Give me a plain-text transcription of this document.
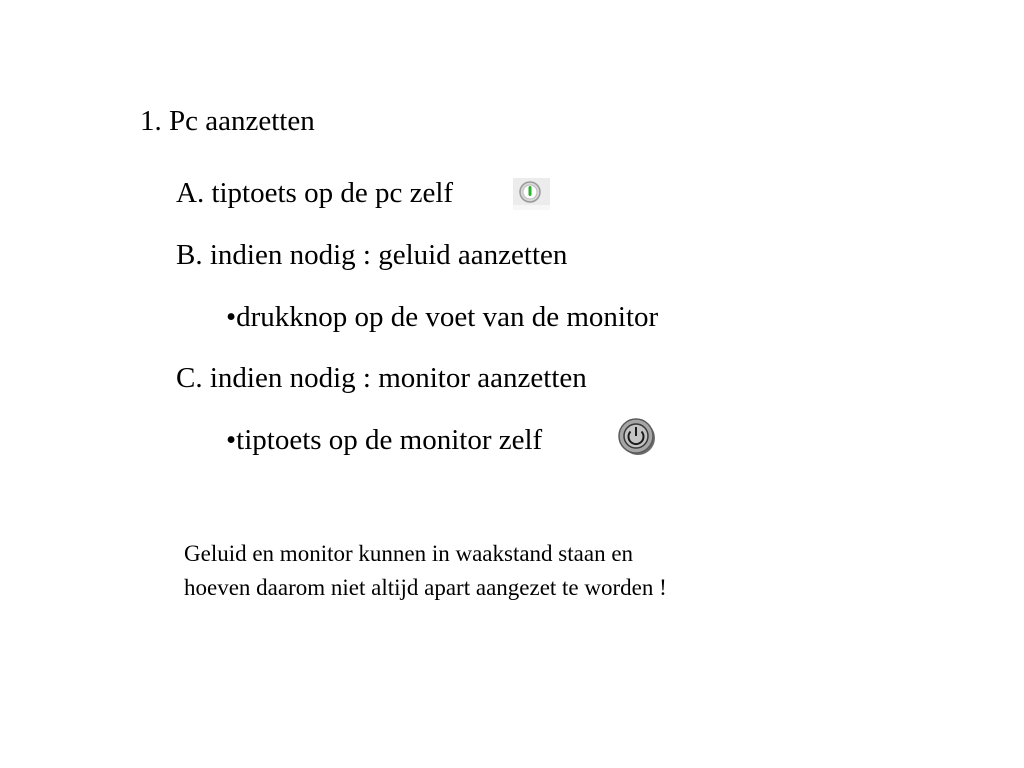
1. Pc aanzetten
A. tiptoets op de pc zelf
B. indien nodig : geluid aanzetten
•drukknop op de voet van de monitor
C. indien nodig : monitor aanzetten
•tiptoets op de monitor zelf
Geluid en monitor kunnen in waakstand staan en
hoeven daarom niet altijd apart aangezet te worden !
